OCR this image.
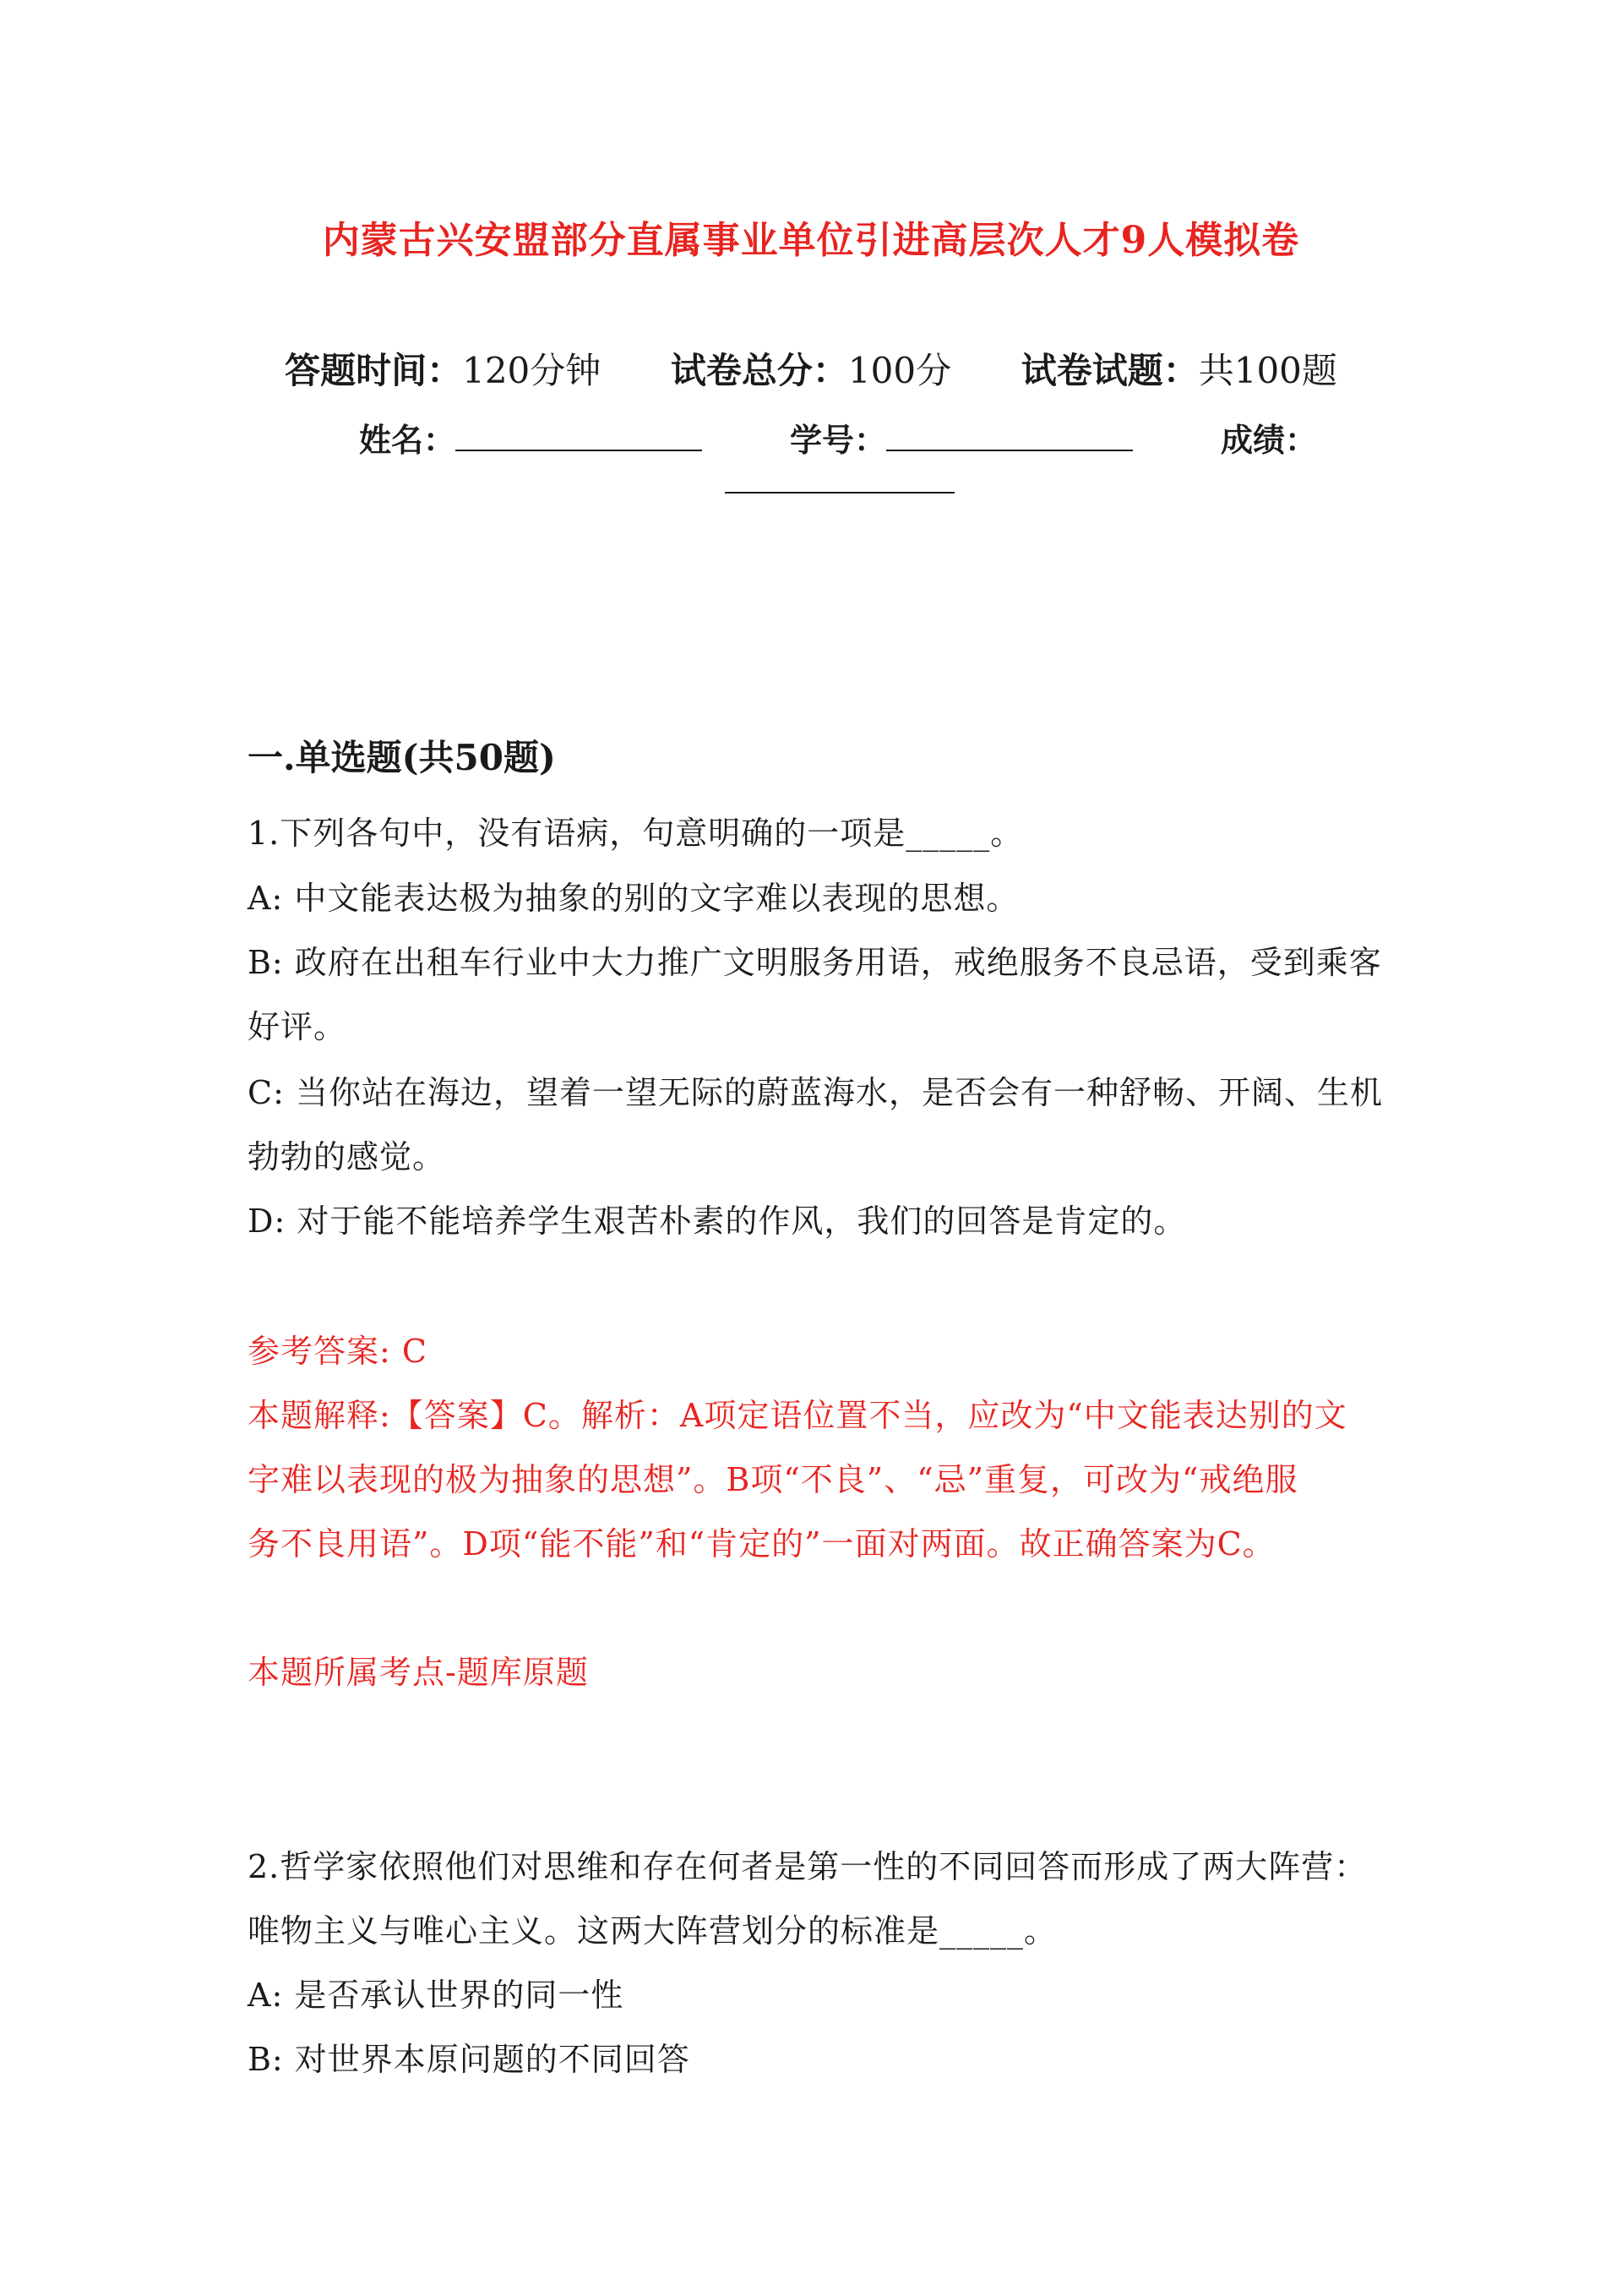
内蒙古兴安盟部分直属事业单位引进高层次人才9人模拟卷
答题时间：120分钟 试卷总分：100分 试卷试题：共100题
姓名：	学号：	成绩：
一.单选题(共50题)
1.下列各句中，没有语病，句意明确的一项是_____。
A: 中文能表达极为抽象的别的文字难以表现的思想。
B: 政府在出租车行业中大力推广文明服务用语，戒绝服务不良忌语，受到乘客
好评。
C: 当你站在海边，望着一望无际的蔚蓝海水，是否会有一种舒畅、开阔、生机
勃勃的感觉。
D: 对于能不能培养学生艰苦朴素的作风，我们的回答是肯定的。
参考答案: C
本题解释:【答案】C。解析：A项定语位置不当，应改为“中文能表达别的文
字难以表现的极为抽象的思想”。B项“不良”、“忌”重复，可改为“戒绝服
务不良用语”。D项“能不能”和“肯定的”一面对两面。故正确答案为C。
本题所属考点-题库原题
2.哲学家依照他们对思维和存在何者是第一性的不同回答而形成了两大阵营：
唯物主义与唯心主义。这两大阵营划分的标准是_____。
A: 是否承认世界的同一性
B: 对世界本原问题的不同回答
